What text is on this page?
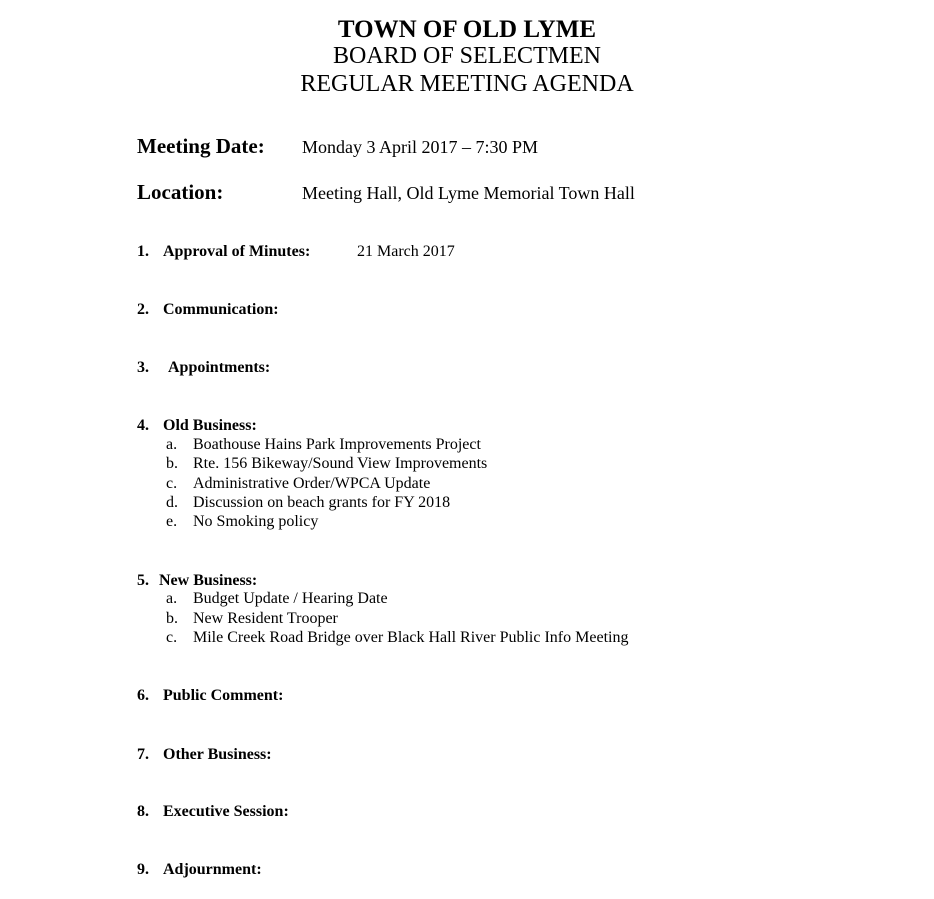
TOWN OF OLD LYME
BOARD OF SELECTMEN
REGULAR MEETING AGENDA
Meeting Date: Monday 3 April 2017 – 7:30 PM
Location:	Meeting Hall, Old Lyme Memorial Town Hall
1. Approval of Minutes:	21 March 2017
2. Communication:
3. Appointments:
4. Old Business:
a. Boathouse Hains Park Improvements Project
b. Rte. 156 Bikeway/Sound View Improvements
c. Administrative Order/WPCA Update
d. Discussion on beach grants for FY 2018
e. No Smoking policy
5. New Business:
a. Budget Update / Hearing Date
b. New Resident Trooper
c. Mile Creek Road Bridge over Black Hall River Public Info Meeting
6. Public Comment:
7. Other Business:
8. Executive Session:
9. Adjournment:
